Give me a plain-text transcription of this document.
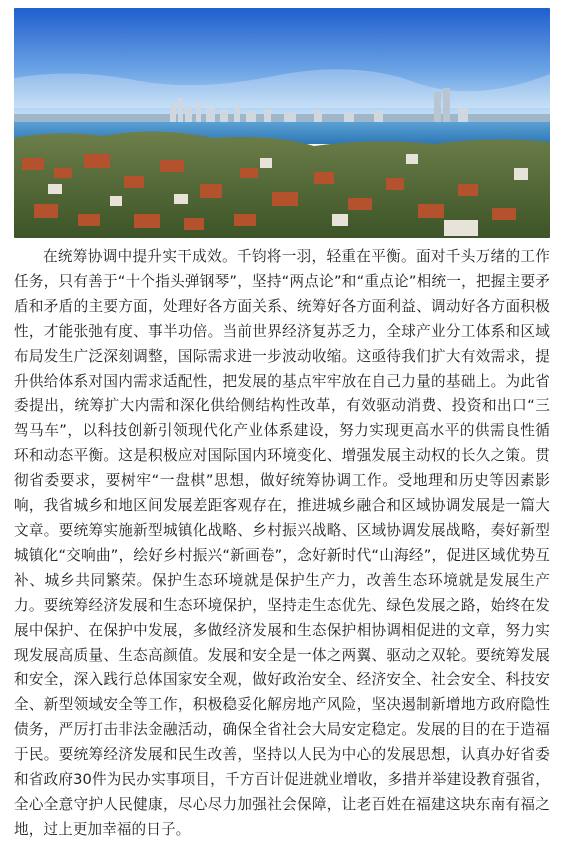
在统筹协调中提升实干成效。千钧将一羽，轻重在平衡。面对千头万绪的工作任务，只有善于“十个指头弹钢琴”，坚持“两点论”和“重点论”相统一，把握主要矛盾和矛盾的主要方面，处理好各方面关系、统筹好各方面利益、调动好各方面积极性，才能张弛有度、事半功倍。当前世界经济复苏乏力，全球产业分工体系和区域布局发生广泛深刻调整，国际需求进一步波动收缩。这亟待我们扩大有效需求，提升供给体系对国内需求适配性，把发展的基点牢牢放在自己力量的基础上。为此省委提出，统筹扩大内需和深化供给侧结构性改革，有效驱动消费、投资和出口“三驾马车”，以科技创新引领现代化产业体系建设，努力实现更高水平的供需良性循环和动态平衡。这是积极应对国际国内环境变化、增强发展主动权的长久之策。贯彻省委要求，要树牢“一盘棋”思想，做好统筹协调工作。受地理和历史等因素影响，我省城乡和地区间发展差距客观存在，推进城乡融合和区域协调发展是一篇大文章。要统筹实施新型城镇化战略、乡村振兴战略、区域协调发展战略，奏好新型城镇化“交响曲”，绘好乡村振兴“新画卷”，念好新时代“山海经”，促进区域优势互补、城乡共同繁荣。保护生态环境就是保护生产力，改善生态环境就是发展生产力。要统筹经济发展和生态环境保护，坚持走生态优先、绿色发展之路，始终在发展中保护、在保护中发展，多做经济发展和生态保护相协调相促进的文章，努力实现发展高质量、生态高颜值。发展和安全是一体之两翼、驱动之双轮。要统筹发展和安全，深入践行总体国家安全观，做好政治安全、经济安全、社会安全、科技安全、新型领域安全等工作，积极稳妥化解房地产风险，坚决遏制新增地方政府隐性债务，严厉打击非法金融活动，确保全省社会大局安定稳定。发展的目的在于造福于民。要统筹经济发展和民生改善，坚持以人民为中心的发展思想，认真办好省委和省政府30件为民办实事项目，千方百计促进就业增收，多措并举建设教育强省，全心全意守护人民健康，尽心尽力加强社会保障，让老百姓在福建这块东南有福之地，过上更加幸福的日子。
